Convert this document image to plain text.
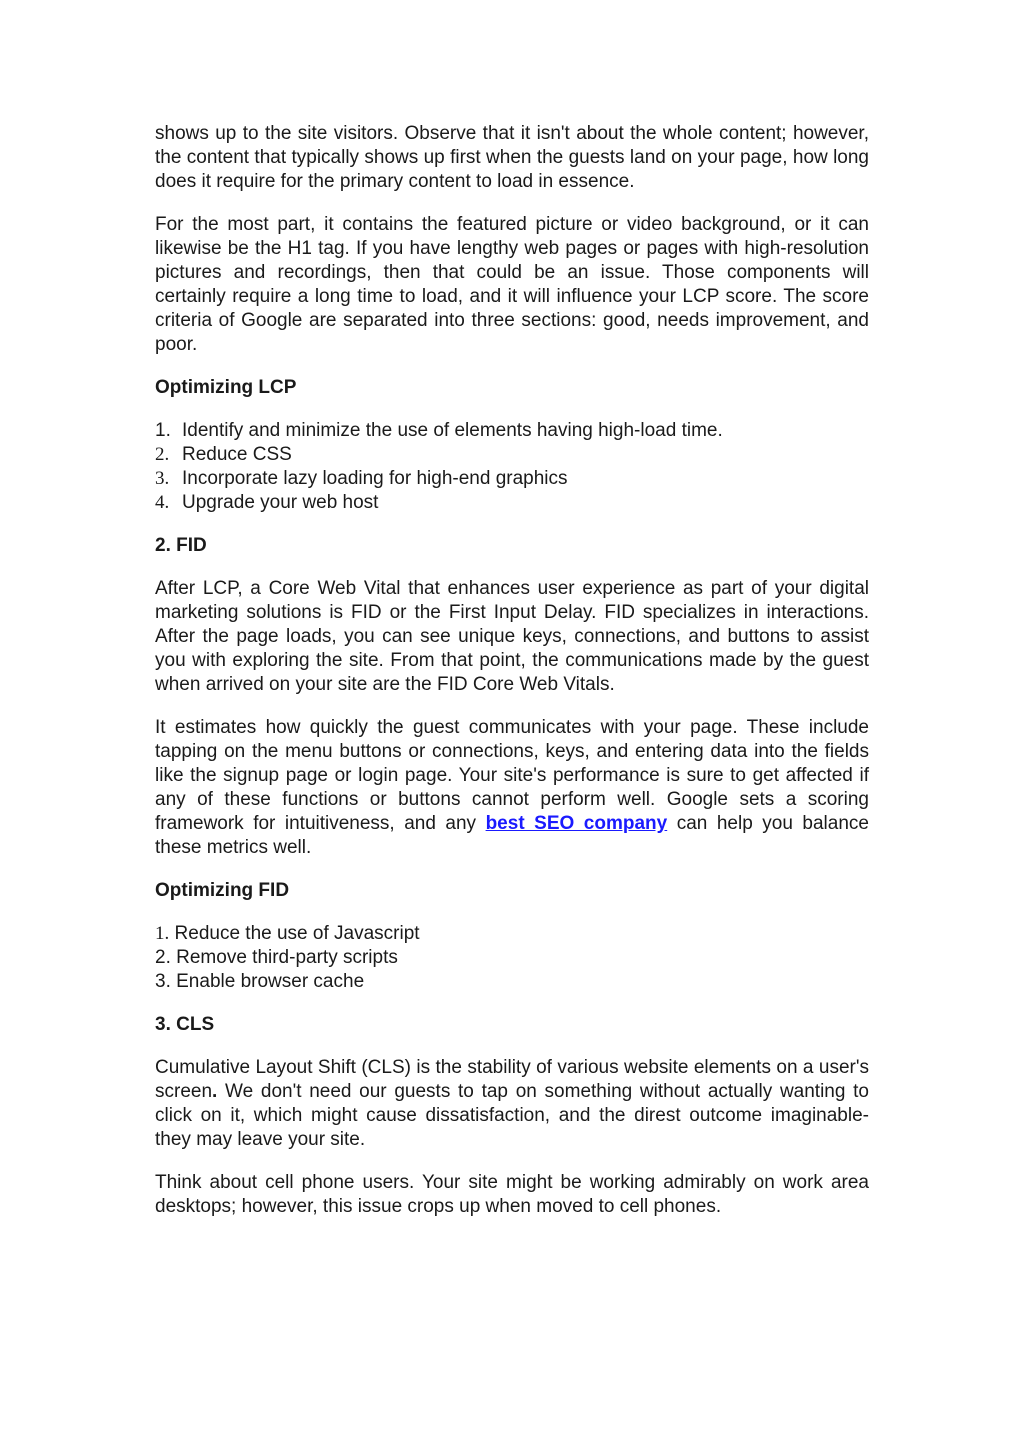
shows up to the site visitors. Observe that it isn't about the whole content; however, the content that typically shows up first when the guests land on your page, how long does it require for the primary content to load in essence.

For the most part, it contains the featured picture or video background, or it can likewise be the H1 tag. If you have lengthy web pages or pages with high-resolution pictures and recordings, then that could be an issue. Those components will certainly require a long time to load, and it will influence your LCP score. The score criteria of Google are separated into three sections: good, needs improvement, and poor.

Optimizing LCP
1. Identify and minimize the use of elements having high-load time.
2. Reduce CSS
3. Incorporate lazy loading for high-end graphics
4. Upgrade your web host
2. FID

After LCP, a Core Web Vital that enhances user experience as part of your digital marketing solutions is FID or the First Input Delay. FID specializes in interactions. After the page loads, you can see unique keys, connections, and buttons to assist you with exploring the site. From that point, the communications made by the guest when arrived on your site are the FID Core Web Vitals.

It estimates how quickly the guest communicates with your page. These include tapping on the menu buttons or connections, keys, and entering data into the fields like the signup page or login page. Your site's performance is sure to get affected if any of these functions or buttons cannot perform well. Google sets a scoring framework for intuitiveness, and any best SEO company can help you balance these metrics well.

Optimizing FID
1. Reduce the use of Javascript
2. Remove third-party scripts
3. Enable browser cache
3. CLS

Cumulative Layout Shift (CLS) is the stability of various website elements on a user's screen. We don't need our guests to tap on something without actually wanting to click on it, which might cause dissatisfaction, and the direst outcome imaginable- they may leave your site.

Think about cell phone users. Your site might be working admirably on work area desktops; however, this issue crops up when moved to cell phones.
